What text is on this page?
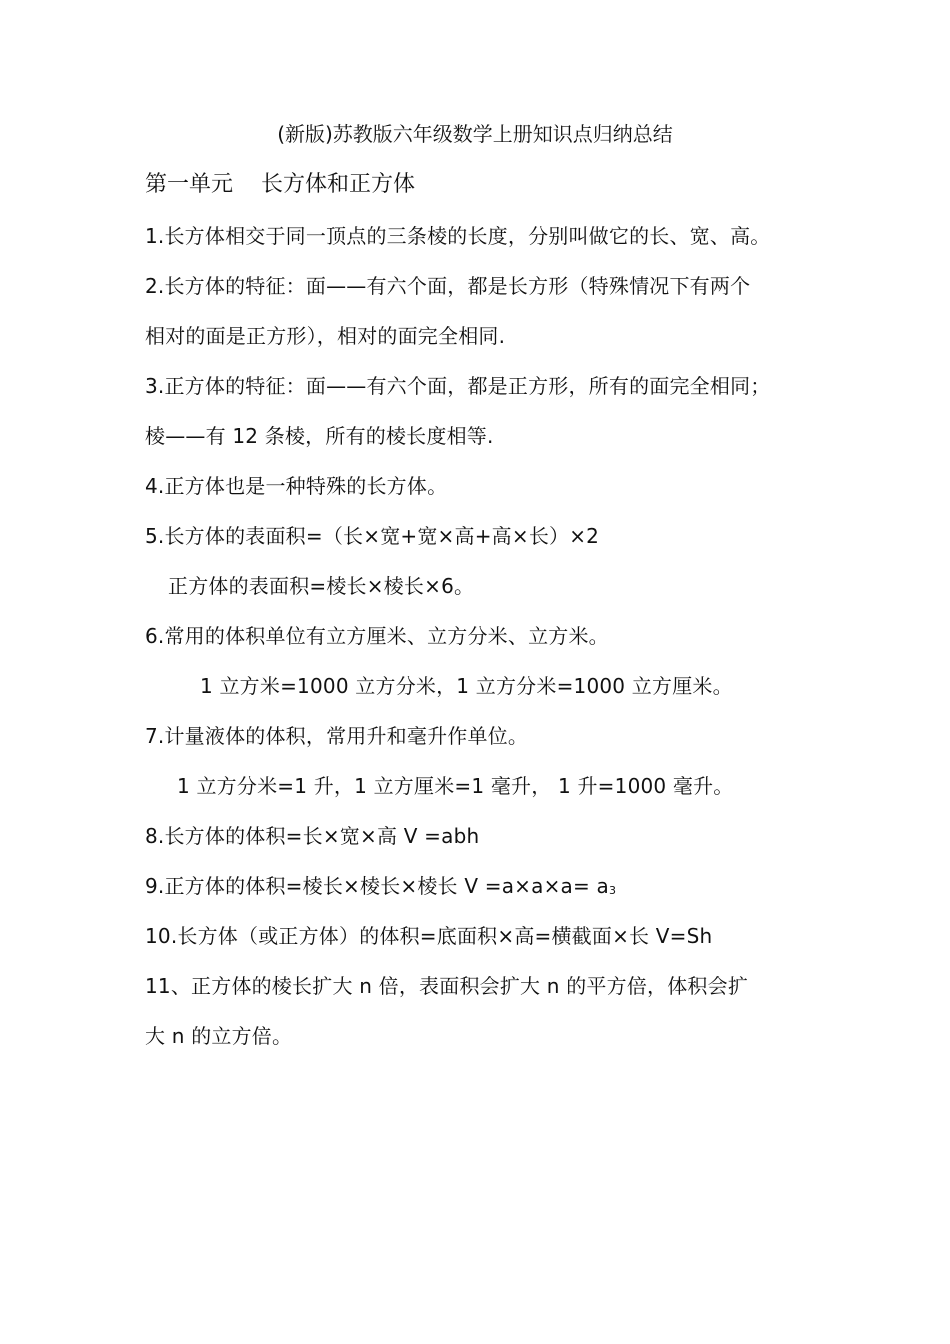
(新版)苏教版六年级数学上册知识点归纳总结
第一单元 长方体和正方体
1.长方体相交于同一顶点的三条棱的长度，分别叫做它的长、宽、高。
2.长方体的特征：面——有六个面，都是长方形（特殊情况下有两个
相对的面是正方形），相对的面完全相同.
3.正方体的特征：面——有六个面，都是正方形，所有的面完全相同；
棱——有 12 条棱，所有的棱长度相等.
4.正方体也是一种特殊的长方体。
5.长方体的表面积=（长×宽+宽×高+高×长）×2
正方体的表面积=棱长×棱长×6。
6.常用的体积单位有立方厘米、立方分米、立方米。
1 立方米=1000 立方分米，1 立方分米=1000 立方厘米。
7.计量液体的体积，常用升和毫升作单位。
1 立方分米=1 升，1 立方厘米=1 毫升， 1 升=1000 毫升。
8.长方体的体积=长×宽×高 V =abh
9.正方体的体积=棱长×棱长×棱长 $V =a\times a\times a= a^3$
10.长方体（或正方体）的体积=底面积×高=横截面×长 V=Sh
11、正方体的棱长扩大 n 倍，表面积会扩大 n 的平方倍，体积会扩
大 n 的立方倍。
